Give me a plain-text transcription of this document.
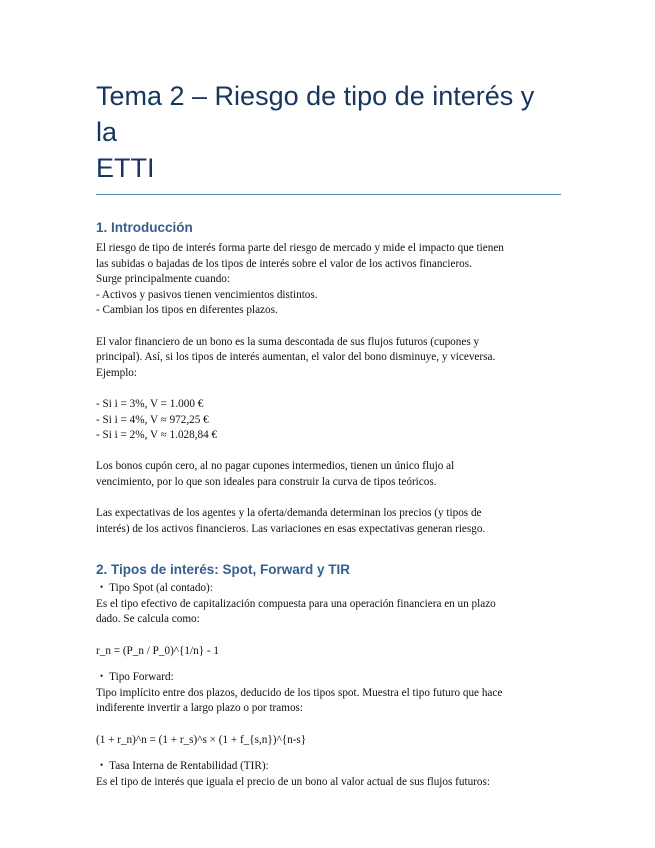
Tema 2 – Riesgo de tipo de interés y la
ETTI
1. Introducción

El riesgo de tipo de interés forma parte del riesgo de mercado y mide el impacto que tienen
las subidas o bajadas de los tipos de interés sobre el valor de los activos financieros.
Surge principalmente cuando:
- Activos y pasivos tienen vencimientos distintos.
- Cambian los tipos en diferentes plazos.

El valor financiero de un bono es la suma descontada de sus flujos futuros (cupones y
principal). Así, si los tipos de interés aumentan, el valor del bono disminuye, y viceversa.
Ejemplo:

- Si i = 3%, V = 1.000 €
- Si i = 4%, V ≈ 972,25 €
- Si i = 2%, V ≈ 1.028,84 €

Los bonos cupón cero, al no pagar cupones intermedios, tienen un único flujo al
vencimiento, por lo que son ideales para construir la curva de tipos teóricos.

Las expectativas de los agentes y la oferta/demanda determinan los precios (y tipos de
interés) de los activos financieros. Las variaciones en esas expectativas generan riesgo.

2. Tipos de interés: Spot, Forward y TIR

• Tipo Spot (al contado):

Es el tipo efectivo de capitalización compuesta para una operación financiera en un plazo
dado. Se calcula como:

r_n = (P_n / P_0)^{1/n} - 1

• Tipo Forward:

Tipo implícito entre dos plazos, deducido de los tipos spot. Muestra el tipo futuro que hace
indiferente invertir a largo plazo o por tramos:

(1 + r_n)^n = (1 + r_s)^s × (1 + f_{s,n})^{n-s}

• Tasa Interna de Rentabilidad (TIR):

Es el tipo de interés que iguala el precio de un bono al valor actual de sus flujos futuros:
